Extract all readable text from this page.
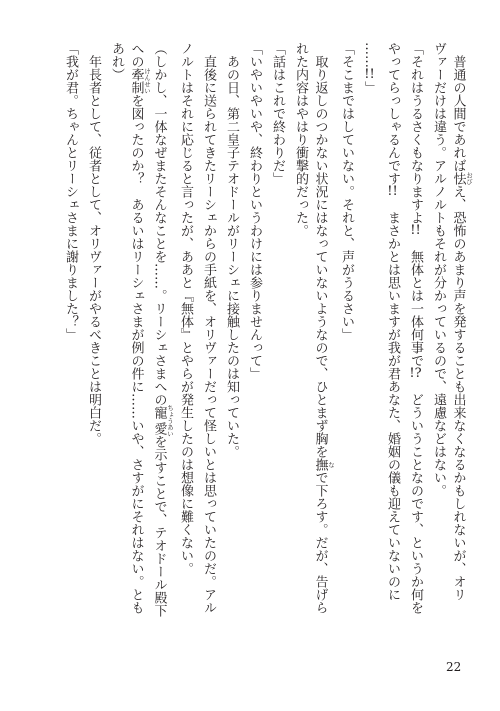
普通の人間であれば怯 おびえ、恐怖のあまり声を発することも出来なくなるかもしれないが、オリ
ヴァーだけは違う。アルノルトもそれが分かっているので、遠慮などはない。
「それはうるさくもなりますよ!!　無体とは一体何事で!?　どういうことなのです、というか何を
やってらっしゃるんです!!　まさかとは思いますが我が君あなた、婚姻の儀も迎えていないのに
……!!」
「そこまではしていない。それと、声がうるさい」
取り返しのつかない状況にはなっていないようなので、ひとまず胸を撫 なで下ろす。だが、告げら
れた内容はやはり衝撃的だった。
「話はこれで終わりだ」
「いやいやいや、終わりというわけには参りませんって」
あの日、第二皇子テオドールがリーシェに接触したのは知っていた。
直後に送られてきたリーシェからの手紙を、オリヴァーだって怪しいとは思っていたのだ。アル
ノルトはそれに応じると言ったが、ああと『無体』とやらが発生したのは想像に難くない。
（しかし、一体なぜまたそんなことを……。リーシェさまへの寵愛 ちょうあいを示すことで、テオドール殿下
への牽制 けんせいを図ったのか？　あるいはリーシェさまが例の件に……いや、さすがにそれはない。とも
あれ）
年長者として、従者として、オリヴァーがやるべきことは明白だ。
「我が君。ちゃんとリーシェさまに謝りました？」
22
